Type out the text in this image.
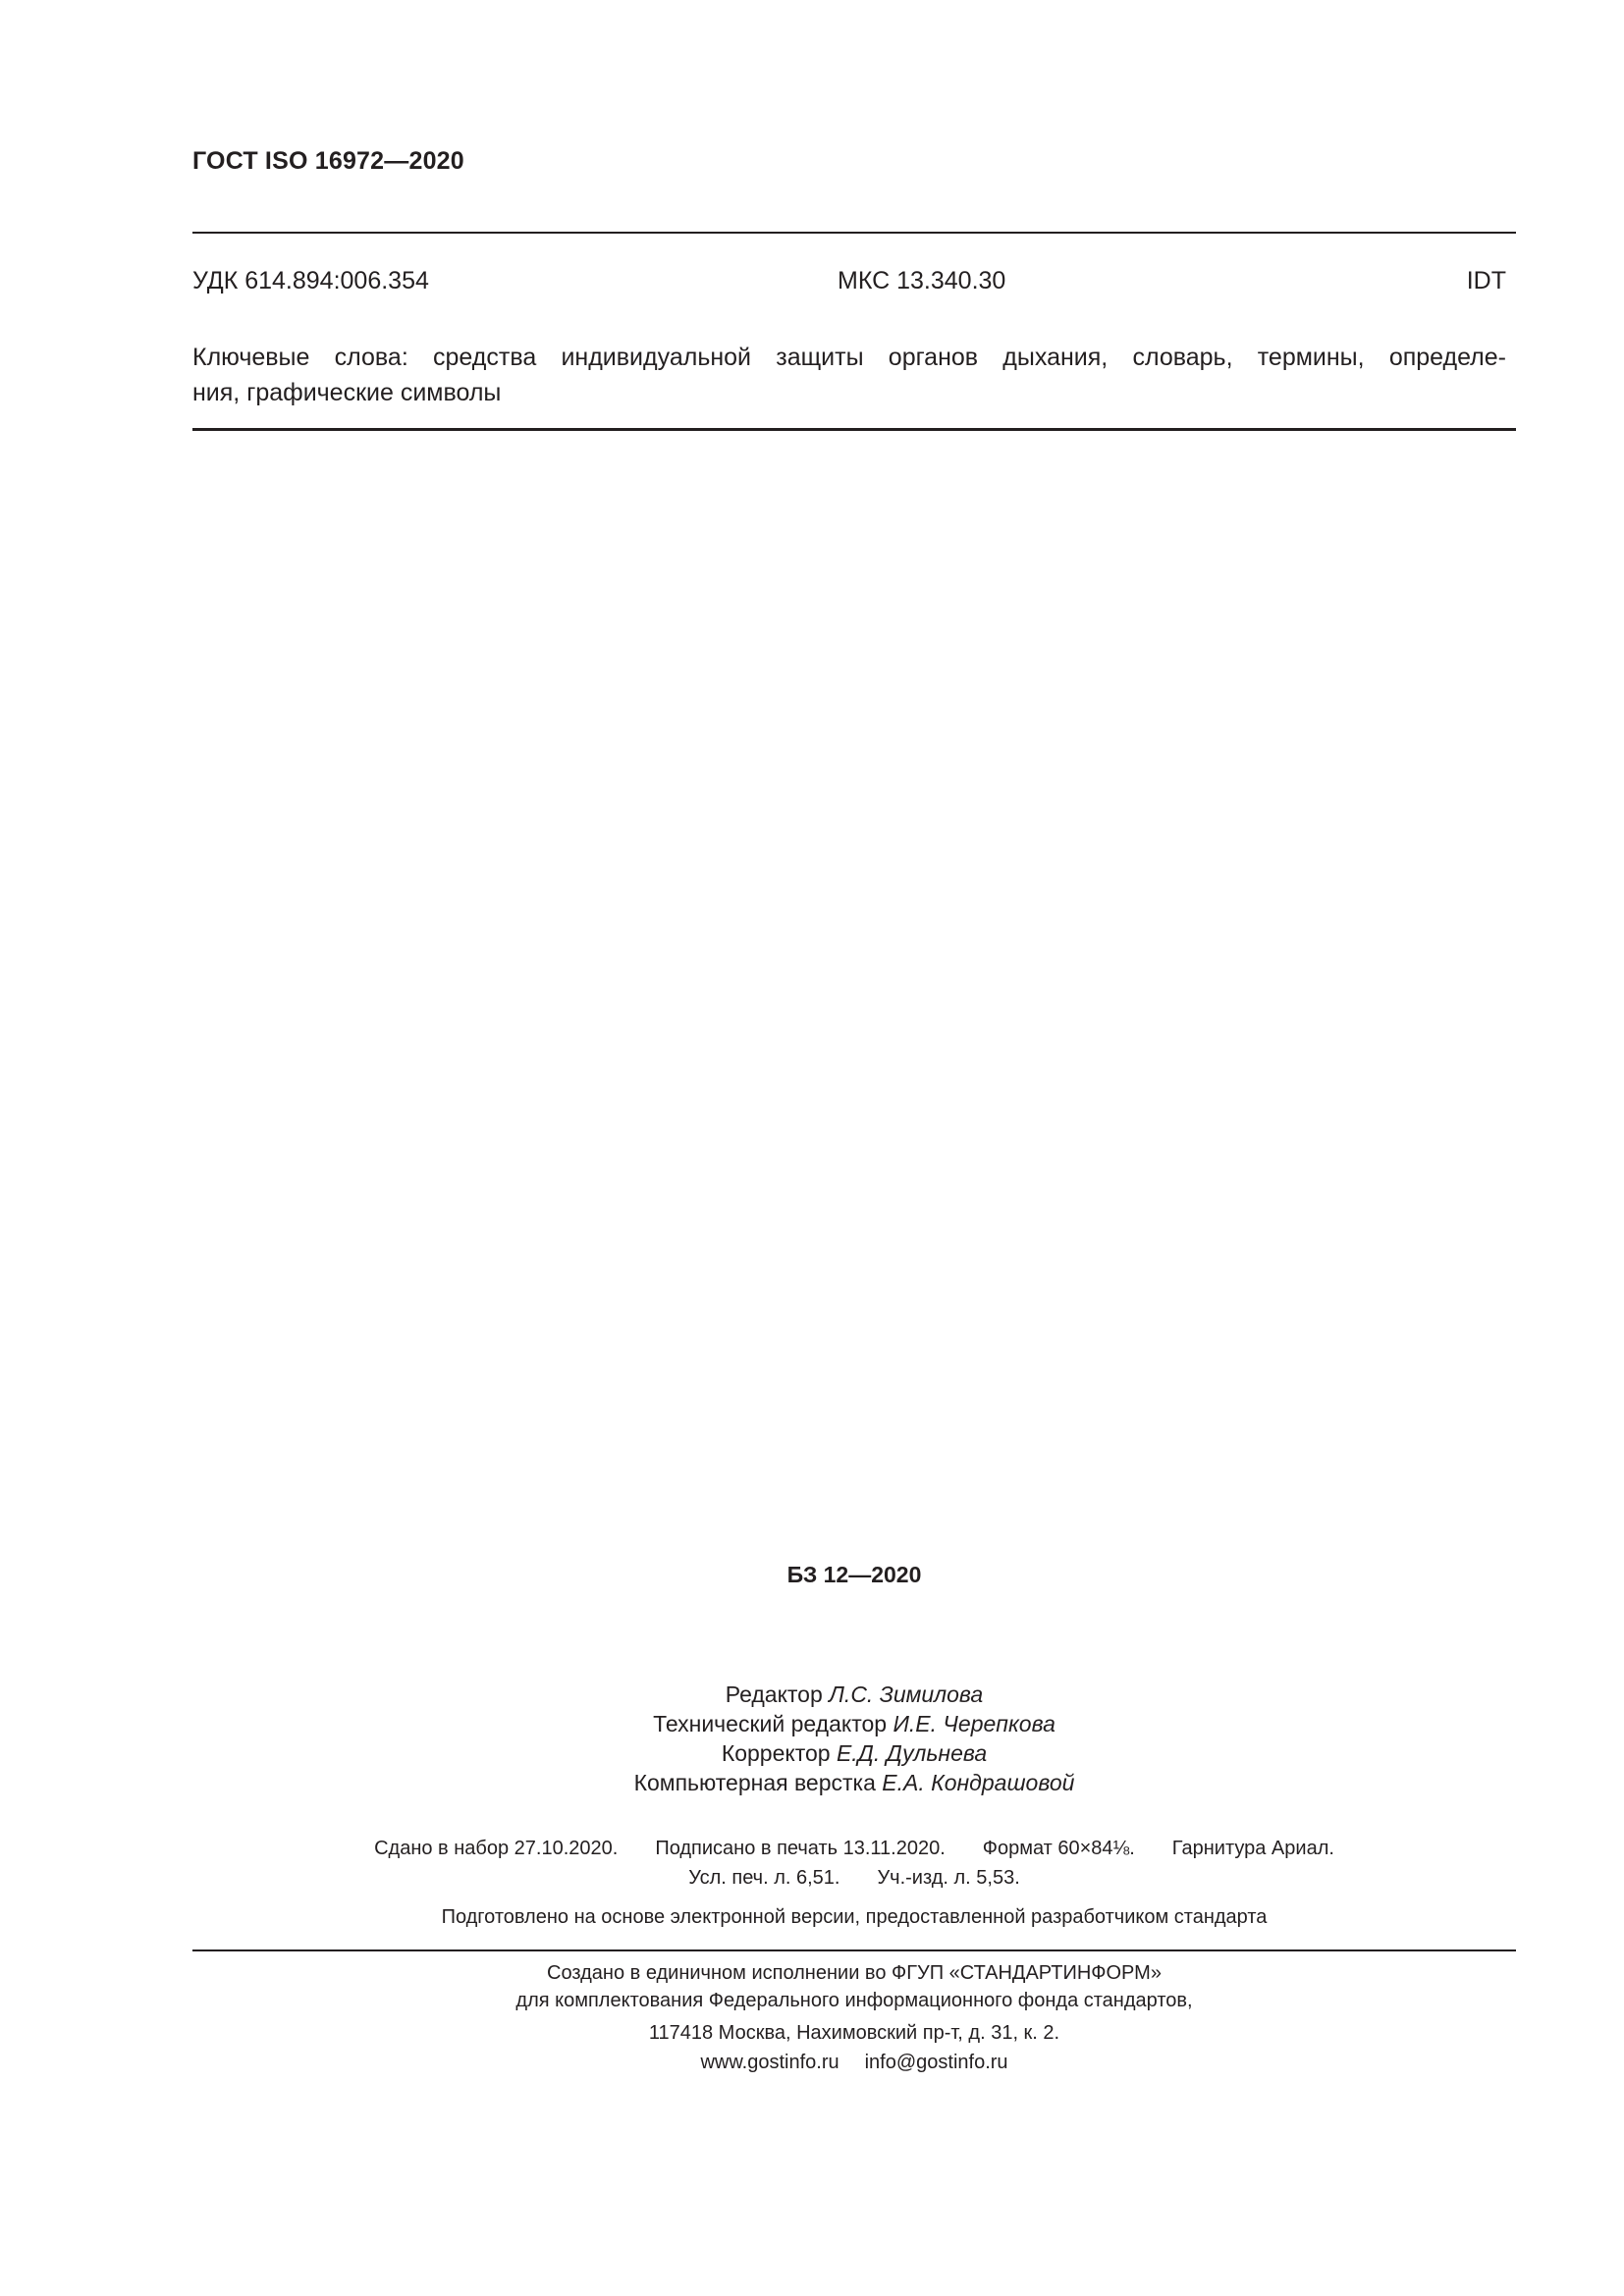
ГОСТ ISO 16972—2020
УДК 614.894:006.354	МКС 13.340.30	IDT
Ключевые слова: средства индивидуальной защиты органов дыхания, словарь, термины, определе-
ния, графические символы
БЗ 12—2020
Редактор Л.С. Зимилова
Технический редактор И.Е. Черепкова
Корректор Е.Д. Дульнева
Компьютерная верстка Е.А. Кондрашовой
Сдано в набор 27.10.2020. Подписано в печать 13.11.2020. Формат 60×84⅛. Гарнитура Ариал.
Усл. печ. л. 6,51. Уч.-изд. л. 5,53.
Подготовлено на основе электронной версии, предоставленной разработчиком стандарта
Создано в единичном исполнении во ФГУП «СТАНДАРТИНФОРМ»
для комплектования Федерального информационного фонда стандартов,
117418 Москва, Нахимовский пр-т, д. 31, к. 2.
www.gostinfo.ru info@gostinfo.ru
